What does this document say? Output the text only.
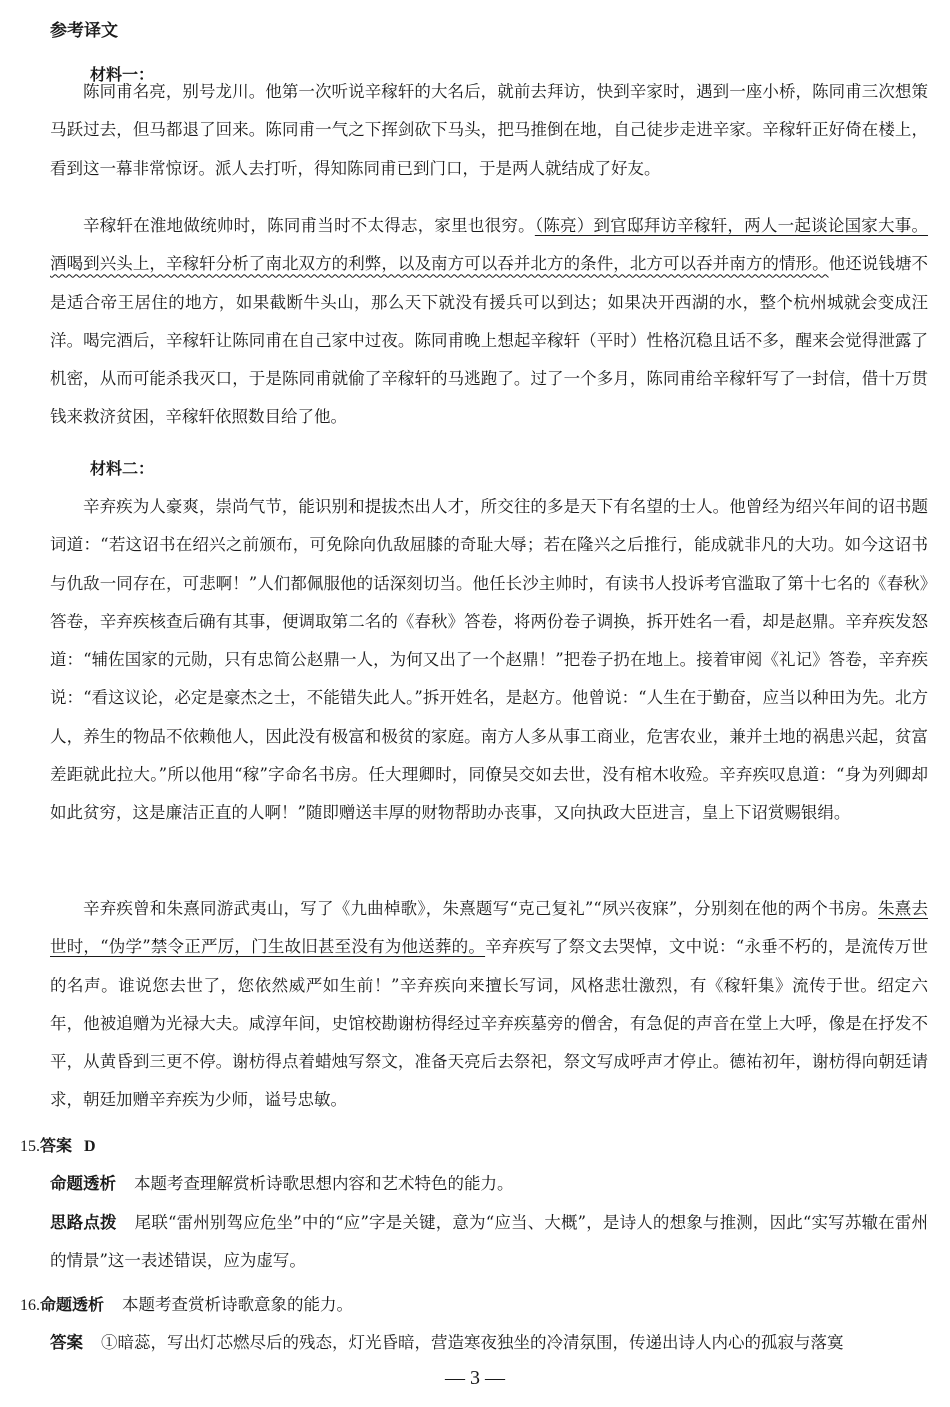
参考译文
材料一：

陈同甫名亮，别号龙川。他第一次听说辛稼轩的大名后，就前去拜访，快到辛家时，遇到一座小桥，陈同甫三次想策马跃过去，但马都退了回来。陈同甫一气之下挥剑砍下马头，把马推倒在地，自己徒步走进辛家。辛稼轩正好倚在楼上，看到这一幕非常惊讶。派人去打听，得知陈同甫已到门口，于是两人就结成了好友。

辛稼轩在淮地做统帅时，陈同甫当时不太得志，家里也很穷。（陈亮）到官邸拜访辛稼轩，两人一起谈论国家大事。酒喝到兴头上，辛稼轩分析了南北双方的利弊，以及南方可以吞并北方的条件，北方可以吞并南方的情形。他还说钱塘不是适合帝王居住的地方，如果截断牛头山，那么天下就没有援兵可以到达；如果决开西湖的水，整个杭州城就会变成汪洋。喝完酒后，辛稼轩让陈同甫在自己家中过夜。陈同甫晚上想起辛稼轩（平时）性格沉稳且话不多，醒来会觉得泄露了机密，从而可能杀我灭口，于是陈同甫就偷了辛稼轩的马逃跑了。过了一个多月，陈同甫给辛稼轩写了一封信，借十万贯钱来救济贫困，辛稼轩依照数目给了他。

材料二：

辛弃疾为人豪爽，崇尚气节，能识别和提拔杰出人才，所交往的多是天下有名望的士人。他曾经为绍兴年间的诏书题词道：“若这诏书在绍兴之前颁布，可免除向仇敌屈膝的奇耻大辱；若在隆兴之后推行，能成就非凡的大功。如今这诏书与仇敌一同存在，可悲啊！”人们都佩服他的话深刻切当。他任长沙主帅时，有读书人投诉考官滥取了第十七名的《春秋》答卷，辛弃疾核查后确有其事，便调取第二名的《春秋》答卷，将两份卷子调换，拆开姓名一看，却是赵鼎。辛弃疾发怒道：“辅佐国家的元勋，只有忠简公赵鼎一人，为何又出了一个赵鼎！”把卷子扔在地上。接着审阅《礼记》答卷，辛弃疾说：“看这议论，必定是豪杰之士，不能错失此人。”拆开姓名，是赵方。他曾说：“人生在于勤奋，应当以种田为先。北方人，养生的物品不依赖他人，因此没有极富和极贫的家庭。南方人多从事工商业，危害农业，兼并土地的祸患兴起，贫富差距就此拉大。”所以他用“稼”字命名书房。任大理卿时，同僚吴交如去世，没有棺木收殓。辛弃疾叹息道：“身为列卿却如此贫穷，这是廉洁正直的人啊！”随即赠送丰厚的财物帮助办丧事，又向执政大臣进言，皇上下诏赏赐银绢。

辛弃疾曾和朱熹同游武夷山，写了《九曲棹歌》，朱熹题写“克己复礼”“夙兴夜寐”，分别刻在他的两个书房。朱熹去世时，“伪学”禁令正严厉，门生故旧甚至没有为他送葬的。辛弃疾写了祭文去哭悼，文中说：“永垂不朽的，是流传万世的名声。谁说您去世了，您依然威严如生前！”辛弃疾向来擅长写词，风格悲壮激烈，有《稼轩集》流传于世。绍定六年，他被追赠为光禄大夫。咸淳年间，史馆校勘谢枋得经过辛弃疾墓旁的僧舍，有急促的声音在堂上大呼，像是在抒发不平，从黄昏到三更不停。谢枋得点着蜡烛写祭文，准备天亮后去祭祀，祭文写成呼声才停止。德祐初年，谢枋得向朝廷请求，朝廷加赠辛弃疾为少师，谥号忠敏。

15.答案 D
命题透析 本题考查理解赏析诗歌思想内容和艺术特色的能力。
思路点拨 尾联“雷州别驾应危坐”中的“应”字是关键，意为“应当、大概”，是诗人的想象与推测，因此“实写苏辙在雷州的情景”这一表述错误，应为虚写。
16.命题透析 本题考查赏析诗歌意象的能力。
答案 ①暗蕊，写出灯芯燃尽后的残态，灯光昏暗，营造寒夜独坐的冷清氛围，传递出诗人内心的孤寂与落寞
— 3 —
